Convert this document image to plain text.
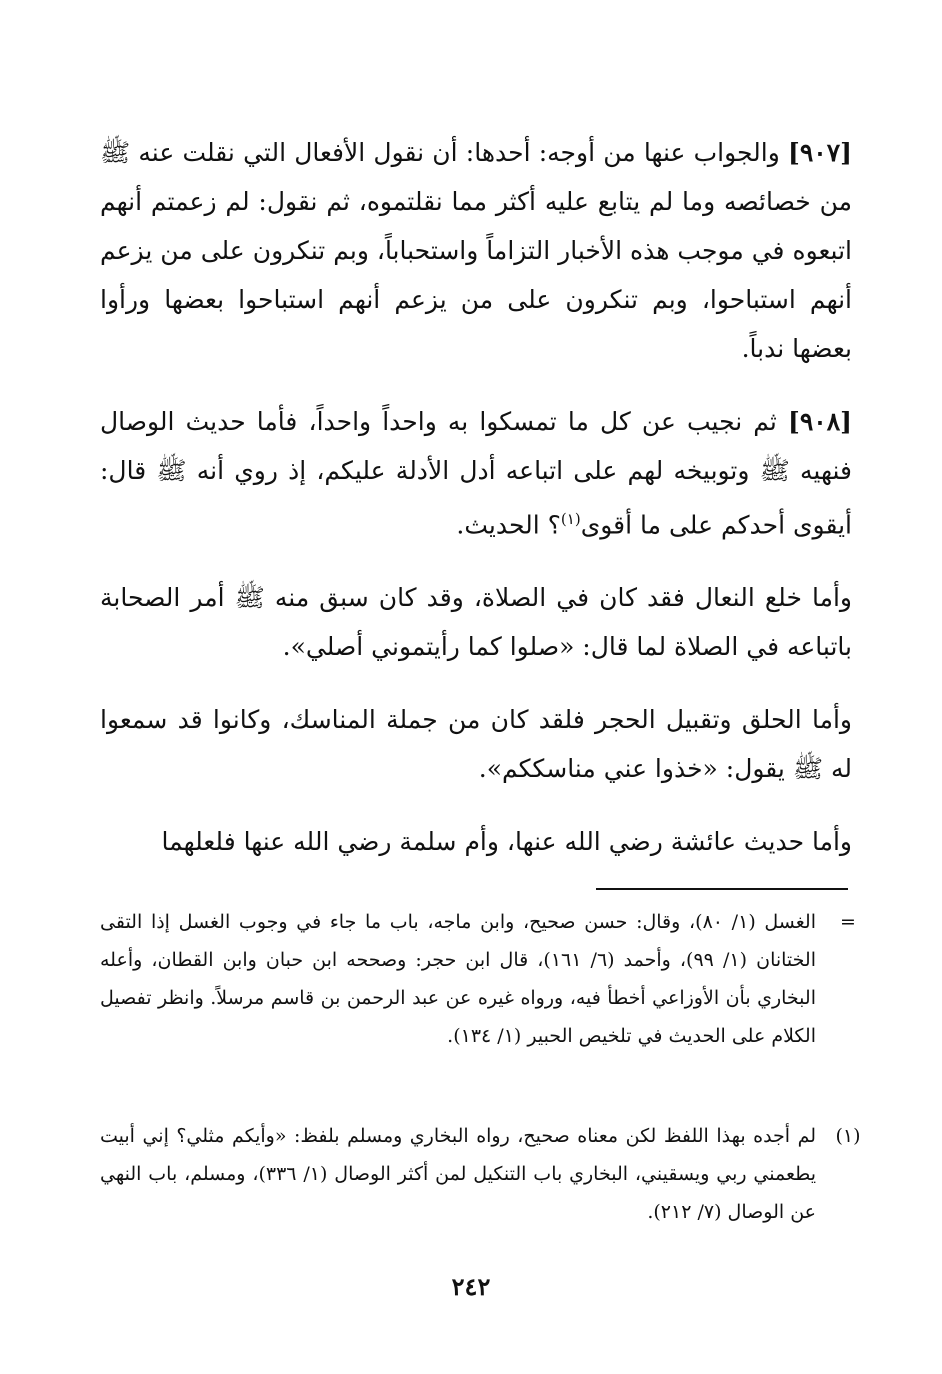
[٩٠٧] والجواب عنها من أوجه: أحدها: أن نقول الأفعال التي نقلت عنه ﷺ من خصائصه وما لم يتابع عليه أكثر مما نقلتموه، ثم نقول: لم زعمتم أنهم اتبعوه في موجب هذه الأخبار التزاماً واستحباباً، وبم تنكرون على من يزعم أنهم استباحوا، وبم تنكرون على من يزعم أنهم استباحوا بعضها ورأوا بعضها ندباً.

[٩٠٨] ثم نجيب عن كل ما تمسكوا به واحداً واحداً، فأما حديث الوصال فنهيه ﷺ وتوبيخه لهم على اتباعه أدل الأدلة عليكم، إذ روي أنه ﷺ قال: أيقوى أحدكم على ما أقوى$^{(١)}$؟ الحديث.

وأما خلع النعال فقد كان في الصلاة، وقد كان سبق منه ﷺ أمر الصحابة باتباعه في الصلاة لما قال: «صلوا كما رأيتموني أصلي».

وأما الحلق وتقبيل الحجر فلقد كان من جملة المناسك، وكانوا قد سمعوا له ﷺ يقول: «خذوا عني مناسككم».

وأما حديث عائشة رضي الله عنها، وأم سلمة رضي الله عنها فلعلهما

=
الغسل (١/ ٨٠)، وقال: حسن صحيح، وابن ماجه، باب ما جاء في وجوب الغسل إذا التقى الختانان (١/ ٩٩)، وأحمد (٦/ ١٦١)، قال ابن حجر: وصححه ابن حبان وابن القطان، وأعله البخاري بأن الأوزاعي أخطأ فيه، ورواه غيره عن عبد الرحمن بن قاسم مرسلاً. وانظر تفصيل الكلام على الحديث في تلخيص الحبير (١/ ١٣٤).
(١)
لم أجده بهذا اللفظ لكن معناه صحيح، رواه البخاري ومسلم بلفظ: «وأيكم مثلي؟ إني أبيت يطعمني ربي ويسقيني، البخاري باب التنكيل لمن أكثر الوصال (١/ ٣٣٦)، ومسلم، باب النهي عن الوصال (٧/ ٢١٢).
٢٤٢
